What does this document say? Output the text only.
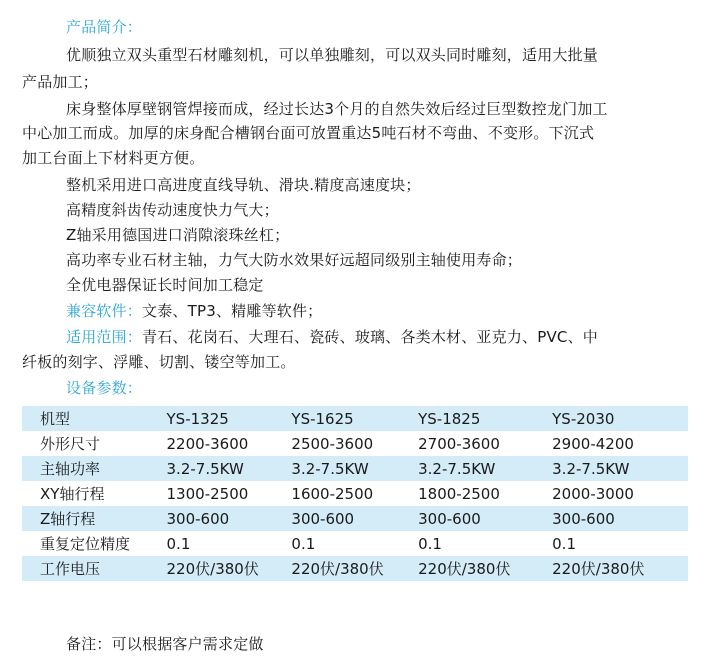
产品简介：
优顺独立双头重型石材雕刻机，可以单独雕刻，可以双头同时雕刻，适用大批量
产品加工；
床身整体厚壁钢管焊接而成，经过长达3个月的自然失效后经过巨型数控龙门加工
中心加工而成。加厚的床身配合槽钢台面可放置重达5吨石材不弯曲、不变形。下沉式
加工台面上下材料更方便。
整机采用进口高进度直线导轨、滑块.精度高速度块；
高精度斜齿传动速度快力气大；
Z轴采用德国进口消隙滚珠丝杠；
高功率专业石材主轴，力气大防水效果好远超同级别主轴使用寿命；
全优电器保证长时间加工稳定
兼容软件：文泰、TP3、精雕等软件；
适用范围：青石、花岗石、大理石、瓷砖、玻璃、各类木材、亚克力、PVC、中
纤板的刻字、浮雕、切割、镂空等加工。
设备参数：
机型	YS-1325	YS-1625	YS-1825	YS-2030
外形尺寸	2200-3600	2500-3600	2700-3600	2900-4200
主轴功率	3.2-7.5KW	3.2-7.5KW	3.2-7.5KW	3.2-7.5KW
XY轴行程	1300-2500	1600-2500	1800-2500	2000-3000
Z轴行程	300-600	300-600	300-600	300-600
重复定位精度	0.1	0.1	0.1	0.1
工作电压	220伏/380伏	220伏/380伏	220伏/380伏	220伏/380伏
备注：可以根据客户需求定做
